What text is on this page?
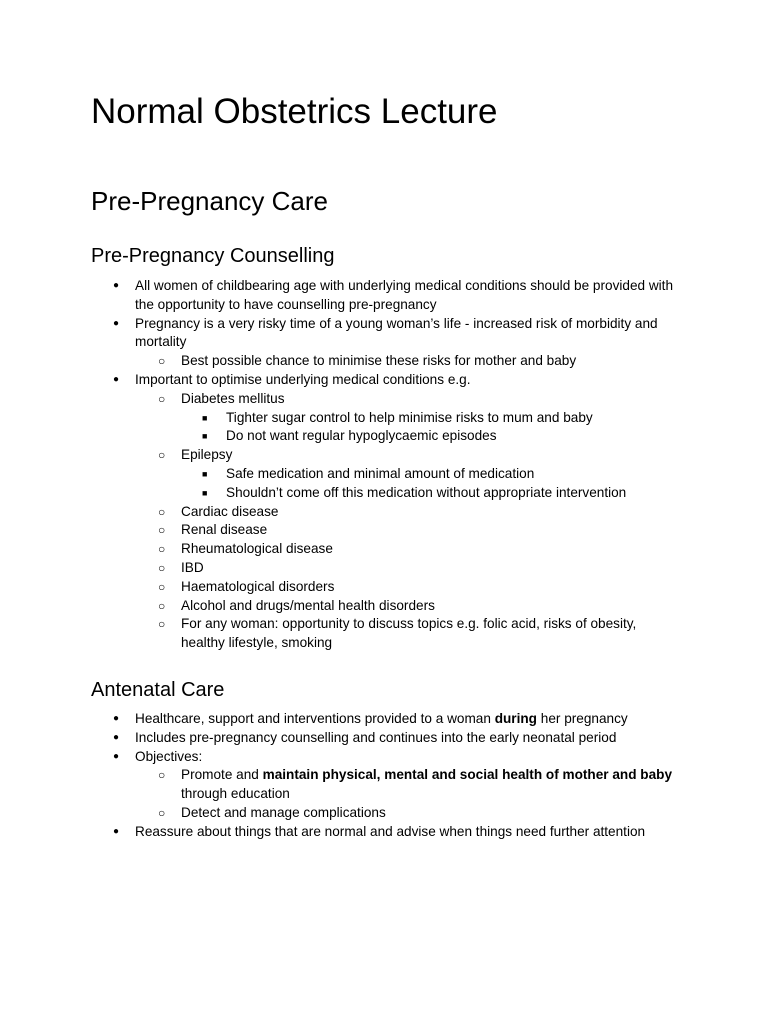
Normal Obstetrics Lecture
Pre-Pregnancy Care
Pre-Pregnancy Counselling
● All women of childbearing age with underlying medical conditions should be provided with the opportunity to have counselling pre-pregnancy
● Pregnancy is a very risky time of a young woman’s life - increased risk of morbidity and mortality
○ Best possible chance to minimise these risks for mother and baby
● Important to optimise underlying medical conditions e.g.
○ Diabetes mellitus
■ Tighter sugar control to help minimise risks to mum and baby
■ Do not want regular hypoglycaemic episodes
○ Epilepsy
■ Safe medication and minimal amount of medication
■ Shouldn’t come off this medication without appropriate intervention
○ Cardiac disease
○ Renal disease
○ Rheumatological disease
○ IBD
○ Haematological disorders
○ Alcohol and drugs/mental health disorders
○ For any woman: opportunity to discuss topics e.g. folic acid, risks of obesity, healthy lifestyle, smoking
Antenatal Care
● Healthcare, support and interventions provided to a woman during her pregnancy
● Includes pre-pregnancy counselling and continues into the early neonatal period
● Objectives:
○ Promote and maintain physical, mental and social health of mother and baby through education
○ Detect and manage complications
● Reassure about things that are normal and advise when things need further attention
